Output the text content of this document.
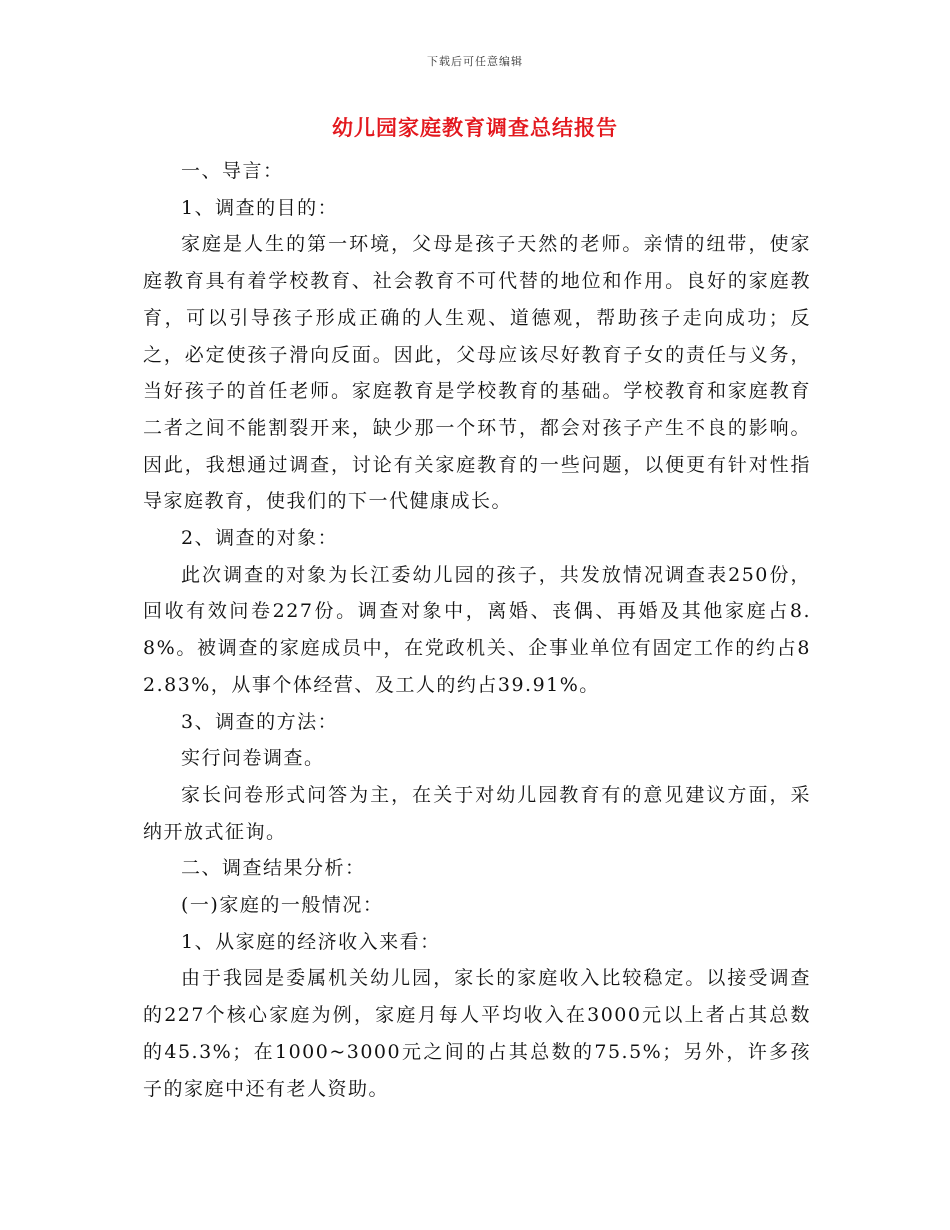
下载后可任意编辑
幼儿园家庭教育调查总结报告

一、导言：

1、调查的目的：

家庭是人生的第一环境，父母是孩子天然的老师。亲情的纽带，使家庭教育具有着学校教育、社会教育不可代替的地位和作用。良好的家庭教育，可以引导孩子形成正确的人生观、道德观，帮助孩子走向成功；反之，必定使孩子滑向反面。因此，父母应该尽好教育子女的责任与义务，当好孩子的首任老师。家庭教育是学校教育的基础。学校教育和家庭教育二者之间不能割裂开来，缺少那一个环节，都会对孩子产生不良的影响。因此，我想通过调查，讨论有关家庭教育的一些问题，以便更有针对性指导家庭教育，使我们的下一代健康成长。

2、调查的对象：

此次调查的对象为长江委幼儿园的孩子，共发放情况调查表250份，回收有效问卷227份。调查对象中，离婚、丧偶、再婚及其他家庭占8.8%。被调查的家庭成员中，在党政机关、企事业单位有固定工作的约占82.83%，从事个体经营、及工人的约占39.91%。

3、调查的方法：

实行问卷调查。

家长问卷形式问答为主，在关于对幼儿园教育有的意见建议方面，采纳开放式征询。

二、调查结果分析：

(一)家庭的一般情况：

1、从家庭的经济收入来看：

由于我园是委属机关幼儿园，家长的家庭收入比较稳定。以接受调查的227个核心家庭为例，家庭月每人平均收入在3000元以上者占其总数的45.3%；在1000~3000元之间的占其总数的75.5%；另外，许多孩子的家庭中还有老人资助。
